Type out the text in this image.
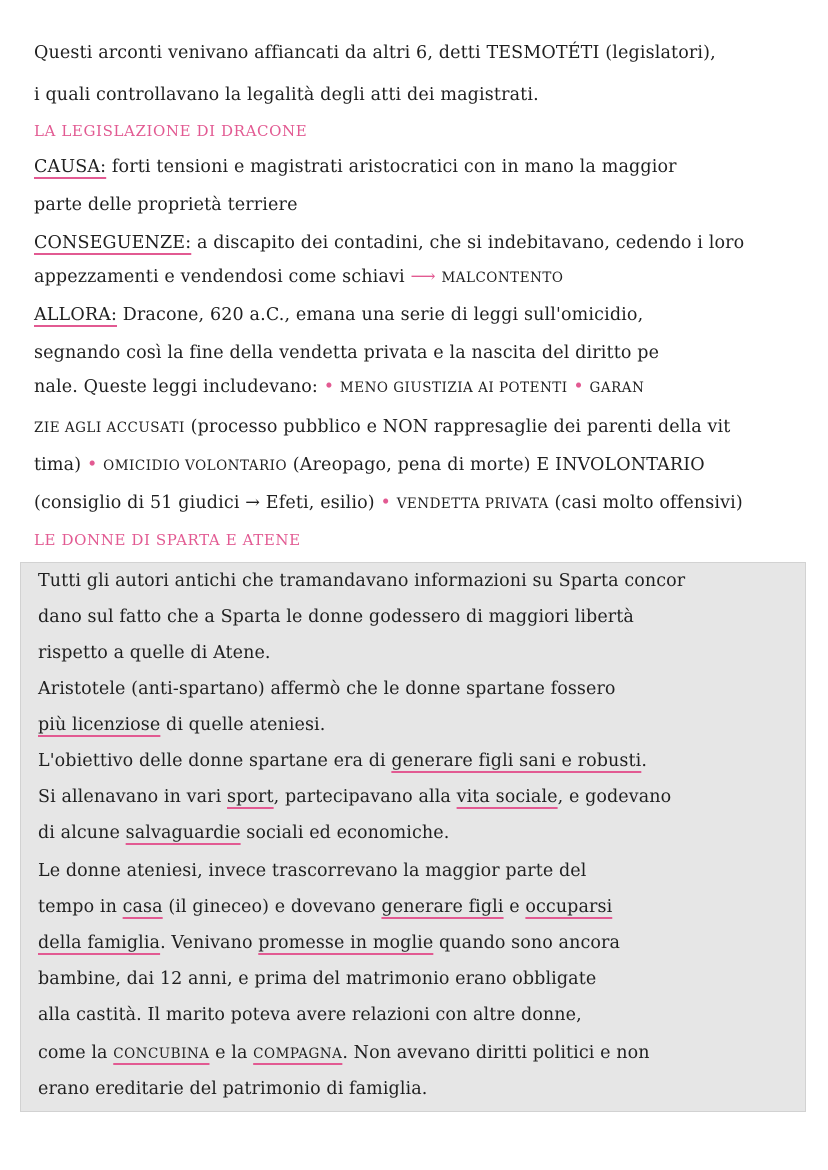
Questi arconti venivano affiancati da altri 6, detti TESMOTÉTI (legislatori),
i quali controllavano la legalità degli atti dei magistrati.
LA LEGISLAZIONE DI DRACONE
CAUSA: forti tensioni e magistrati aristocratici con in mano la maggior
parte delle proprietà terriere
CONSEGUENZE: a discapito dei contadini, che si indebitavano, cedendo i loro
appezzamenti e vendendosi come schiavi ⟶ MALCONTENTO
ALLORA: Dracone, 620 a.C., emana una serie di leggi sull'omicidio,
segnando così la fine della vendetta privata e la nascita del diritto pe
nale. Queste leggi includevano: • MENO GIUSTIZIA AI POTENTI • GARAN
ZIE AGLI ACCUSATI (processo pubblico e NON rappresaglie dei parenti della vit
tima) • OMICIDIO VOLONTARIO (Areopago, pena di morte) E INVOLONTARIO
(consiglio di 51 giudici → Efeti, esilio) • VENDETTA PRIVATA (casi molto offensivi)
LE DONNE DI SPARTA E ATENE
Tutti gli autori antichi che tramandavano informazioni su Sparta concor
dano sul fatto che a Sparta le donne godessero di maggiori libertà
rispetto a quelle di Atene.
Aristotele (anti-spartano) affermò che le donne spartane fossero
più licenziose di quelle ateniesi.
L'obiettivo delle donne spartane era di generare figli sani e robusti.
Si allenavano in vari sport, partecipavano alla vita sociale, e godevano
di alcune salvaguardie sociali ed economiche.
Le donne ateniesi, invece trascorrevano la maggior parte del
tempo in casa (il gineceo) e dovevano generare figli e occuparsi
della famiglia. Venivano promesse in moglie quando sono ancora
bambine, dai 12 anni, e prima del matrimonio erano obbligate
alla castità. Il marito poteva avere relazioni con altre donne,
come la CONCUBINA e la COMPAGNA. Non avevano diritti politici e non
erano ereditarie del patrimonio di famiglia.
